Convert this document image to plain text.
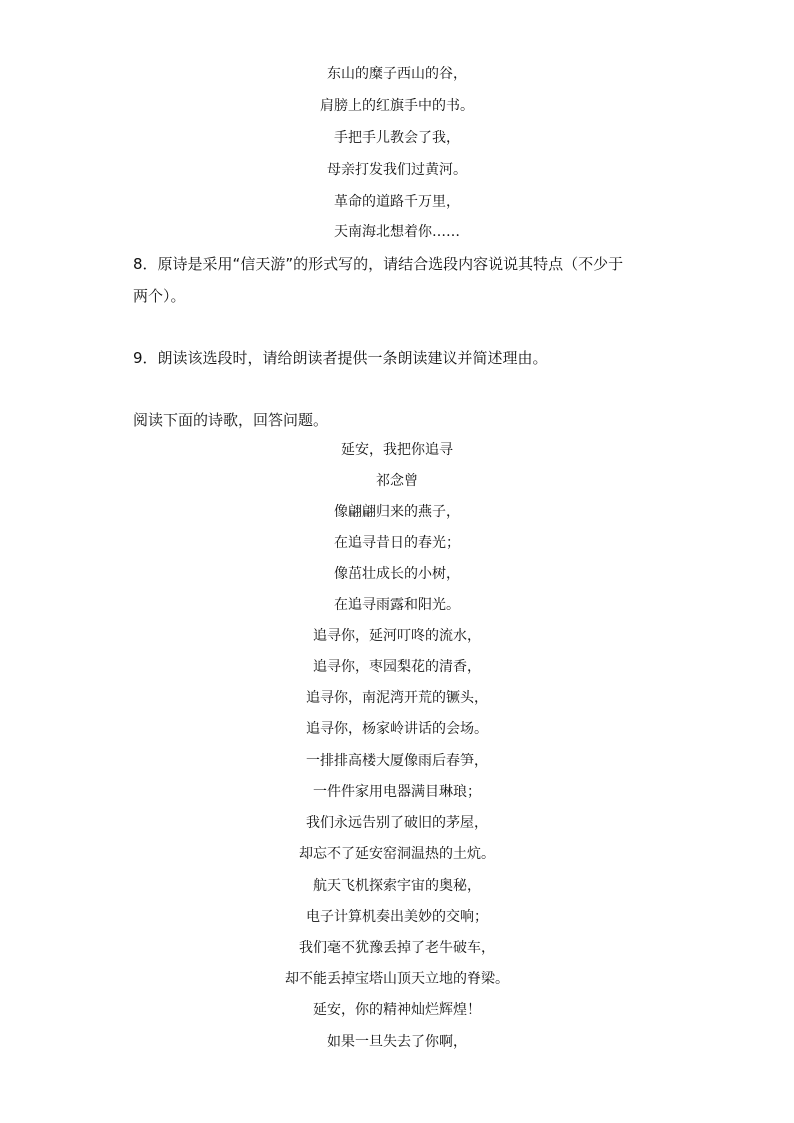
东山的糜子西山的谷，
肩膀上的红旗手中的书。
手把手儿教会了我，
母亲打发我们过黄河。
革命的道路千万里，
天南海北想着你……
8．原诗是采用“信天游”的形式写的，请结合选段内容说说其特点（不少于
两个）。
9．朗读该选段时，请给朗读者提供一条朗读建议并简述理由。
阅读下面的诗歌，回答问题。
延安，我把你追寻
祁念曾
像翩翩归来的燕子，
在追寻昔日的春光；
像茁壮成长的小树，
在追寻雨露和阳光。
追寻你，延河叮咚的流水，
追寻你，枣园梨花的清香，
追寻你，南泥湾开荒的镢头，
追寻你，杨家岭讲话的会场。
一排排高楼大厦像雨后春笋，
一件件家用电器满目琳琅；
我们永远告别了破旧的茅屋，
却忘不了延安窑洞温热的土炕。
航天飞机探索宇宙的奥秘，
电子计算机奏出美妙的交响；
我们毫不犹豫丢掉了老牛破车，
却不能丢掉宝塔山顶天立地的脊梁。
延安，你的精神灿烂辉煌！
如果一旦失去了你啊，
